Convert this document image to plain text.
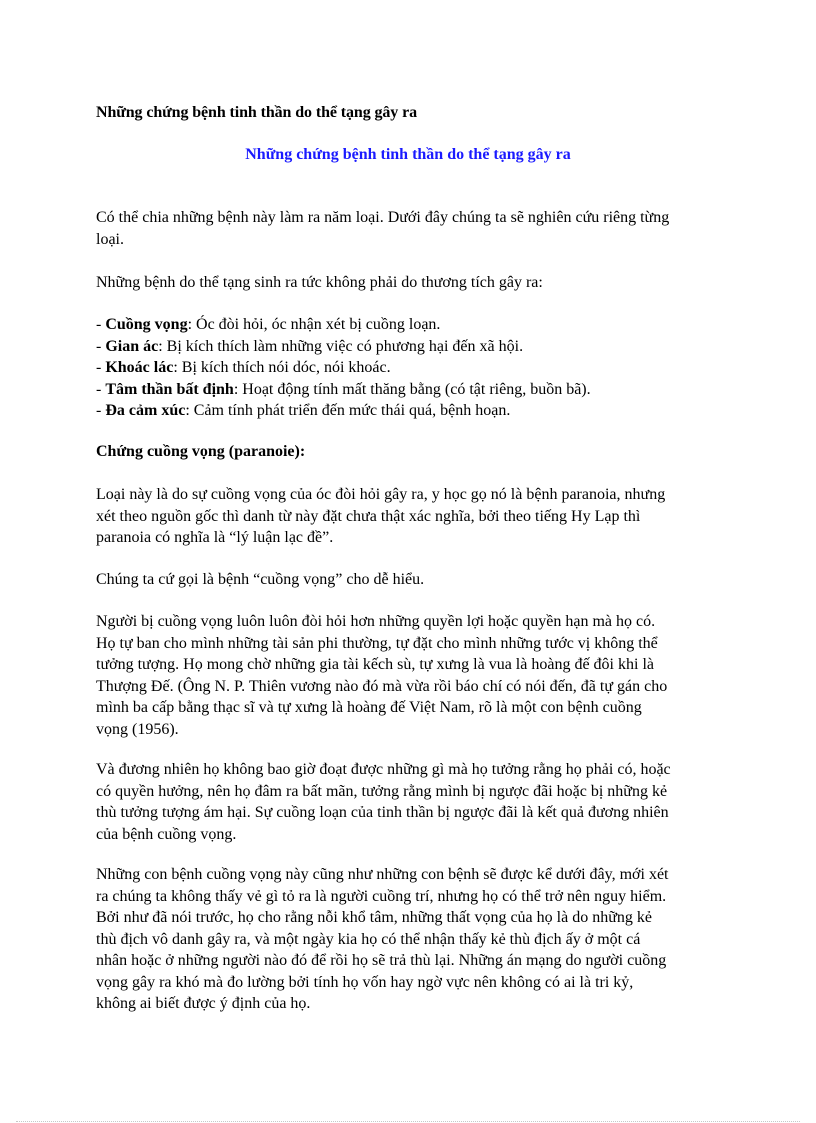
Những chứng bệnh tinh thần do thể tạng gây ra
Những chứng bệnh tinh thần do thể tạng gây ra
Có thể chia những bệnh này làm ra năm loại. Dưới đây chúng ta sẽ nghiên cứu riêng từng
loại.
Những bệnh do thể tạng sinh ra tức không phải do thương tích gây ra:
- Cuồng vọng: Óc đòi hỏi, óc nhận xét bị cuồng loạn.
- Gian ác: Bị kích thích làm những việc có phương hại đến xã hội.
- Khoác lác: Bị kích thích nói dóc, nói khoác.
- Tâm thần bất định: Hoạt động tính mất thăng bằng (có tật riêng, buồn bã).
- Đa cảm xúc: Cảm tính phát triển đến mức thái quá, bệnh hoạn.
Chứng cuồng vọng (paranoie):
Loại này là do sự cuồng vọng của óc đòi hỏi gây ra, y học gọ nó là bệnh paranoia, nhưng
xét theo nguồn gốc thì danh từ này đặt chưa thật xác nghĩa, bởi theo tiếng Hy Lạp thì
paranoia có nghĩa là “lý luận lạc đề”.
Chúng ta cứ gọi là bệnh “cuồng vọng” cho dễ hiểu.
Người bị cuồng vọng luôn luôn đòi hỏi hơn những quyền lợi hoặc quyền hạn mà họ có.
Họ tự ban cho mình những tài sản phi thường, tự đặt cho mình những tước vị không thể
tưởng tượng. Họ mong chờ những gia tài kếch sù, tự xưng là vua là hoàng đế đôi khi là
Thượng Đế. (Ông N. P. Thiên vương nào đó mà vừa rồi báo chí có nói đến, đã tự gán cho
mình ba cấp bằng thạc sĩ và tự xưng là hoàng đế Việt Nam, rõ là một con bệnh cuồng
vọng (1956).
Và đương nhiên họ không bao giờ đoạt được những gì mà họ tưởng rằng họ phải có, hoặc
có quyền hưởng, nên họ đâm ra bất mãn, tưởng rằng mình bị ngược đãi hoặc bị những kẻ
thù tưởng tượng ám hại. Sự cuồng loạn của tinh thần bị ngược đãi là kết quả đương nhiên
của bệnh cuồng vọng.
Những con bệnh cuồng vọng này cũng như những con bệnh sẽ được kể dưới đây, mới xét
ra chúng ta không thấy vẻ gì tỏ ra là người cuồng trí, nhưng họ có thể trở nên nguy hiểm.
Bởi như đã nói trước, họ cho rằng nỗi khổ tâm, những thất vọng của họ là do những kẻ
thù địch vô danh gây ra, và một ngày kia họ có thể nhận thấy kẻ thù địch ấy ở một cá
nhân hoặc ở những người nào đó để rồi họ sẽ trả thù lại. Những án mạng do người cuồng
vọng gây ra khó mà đo lường bởi tính họ vốn hay ngờ vực nên không có ai là tri kỷ,
không ai biết được ý định của họ.
